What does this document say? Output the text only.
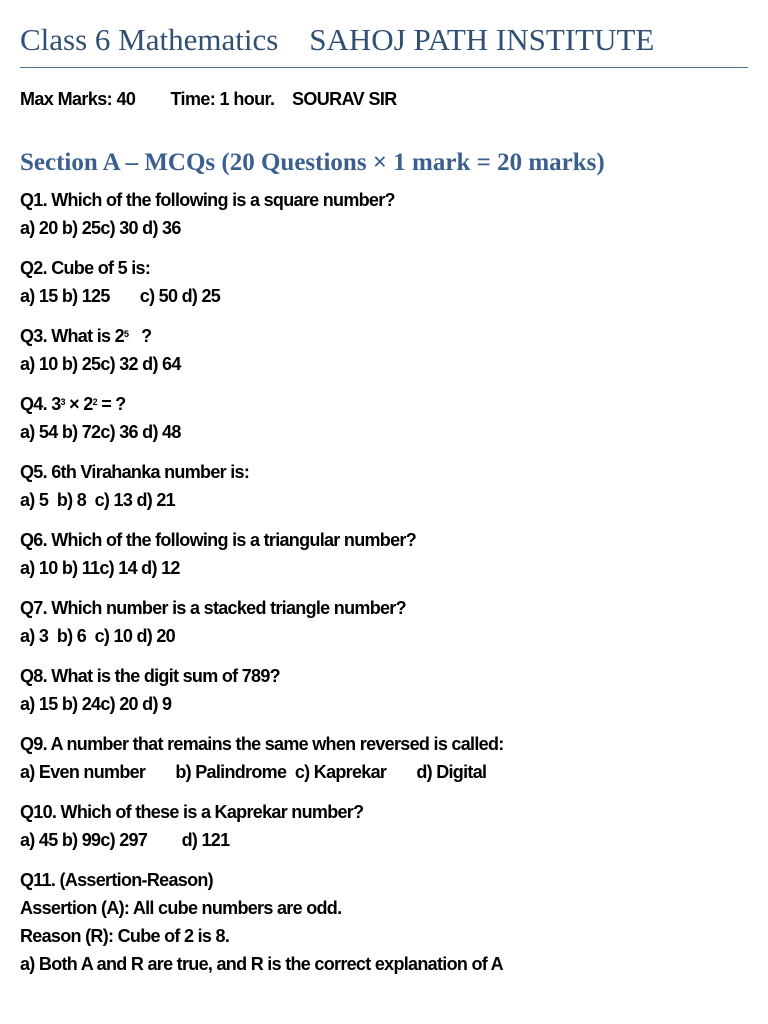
Class 6 Mathematics    SAHOJ PATH INSTITUTE
Max Marks: 40        Time: 1 hour.    SOURAV SIR
Section A – MCQs (20 Questions × 1 mark = 20 marks)
Q1. Which of the following is a square number?
a) 20 b) 25c) 30 d) 36
Q2. Cube of 5 is:
a) 15 b) 125       c) 50 d) 25
Q3. What is $2^5$   ?
a) 10 b) 25c) 32 d) 64
Q4. $3^3 \times 2^2$ = ?
a) 54 b) 72c) 36 d) 48
Q5. 6th Virahanka number is:
a) 5  b) 8  c) 13 d) 21
Q6. Which of the following is a triangular number?
a) 10 b) 11c) 14 d) 12
Q7. Which number is a stacked triangle number?
a) 3  b) 6  c) 10 d) 20
Q8. What is the digit sum of 789?
a) 15 b) 24c) 20 d) 9
Q9. A number that remains the same when reversed is called:
a) Even number       b) Palindrome  c) Kaprekar       d) Digital
Q10. Which of these is a Kaprekar number?
a) 45 b) 99c) 297        d) 121
Q11. (Assertion-Reason)
Assertion (A): All cube numbers are odd.
Reason (R): Cube of 2 is 8.
a) Both A and R are true, and R is the correct explanation of A
